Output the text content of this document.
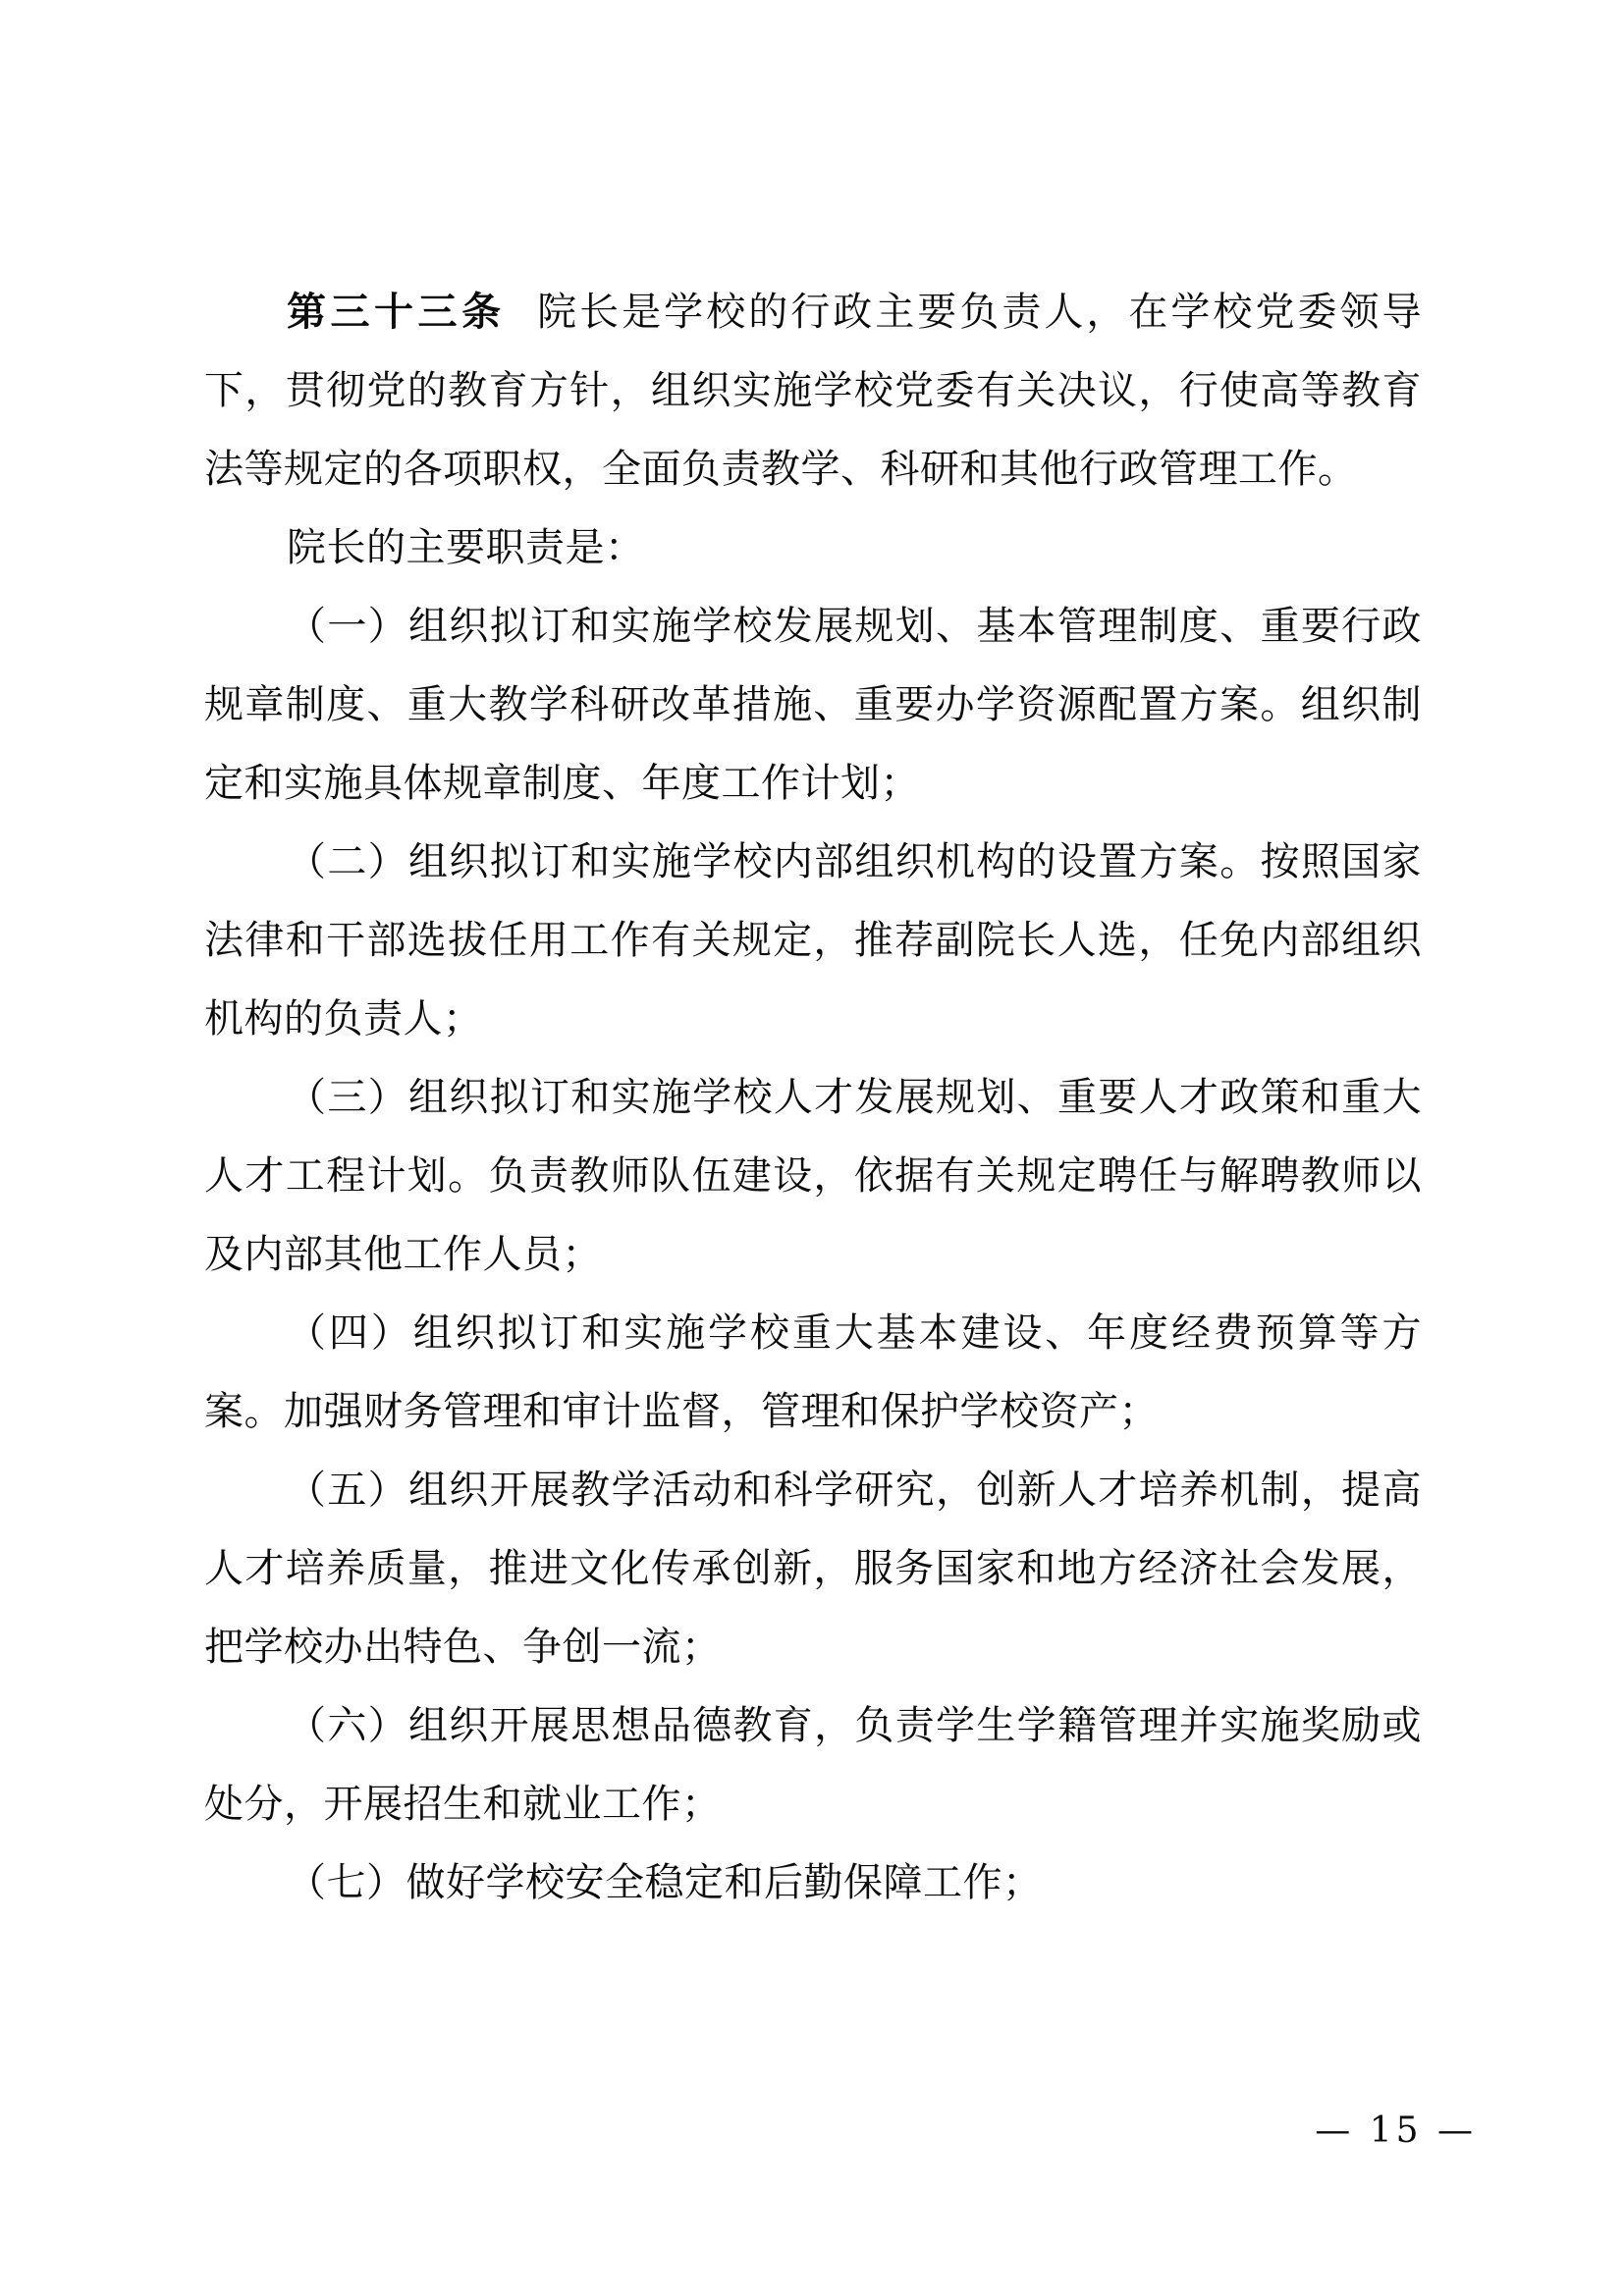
第三十三条 院长是学校的行政主要负责人，在学校党委领导下，贯彻党的教育方针，组织实施学校党委有关决议，行使高等教育法等规定的各项职权，全面负责教学、科研和其他行政管理工作。

院长的主要职责是：

（一）组织拟订和实施学校发展规划、基本管理制度、重要行政规章制度、重大教学科研改革措施、重要办学资源配置方案。组织制定和实施具体规章制度、年度工作计划；

（二）组织拟订和实施学校内部组织机构的设置方案。按照国家法律和干部选拔任用工作有关规定，推荐副院长人选，任免内部组织机构的负责人；

（三）组织拟订和实施学校人才发展规划、重要人才政策和重大人才工程计划。负责教师队伍建设，依据有关规定聘任与解聘教师以及内部其他工作人员；

（四）组织拟订和实施学校重大基本建设、年度经费预算等方案。加强财务管理和审计监督，管理和保护学校资产；

（五）组织开展教学活动和科学研究，创新人才培养机制，提高人才培养质量，推进文化传承创新，服务国家和地方经济社会发展，把学校办出特色、争创一流；

（六）组织开展思想品德教育，负责学生学籍管理并实施奖励或处分，开展招生和就业工作；

（七）做好学校安全稳定和后勤保障工作；

— 15 —
